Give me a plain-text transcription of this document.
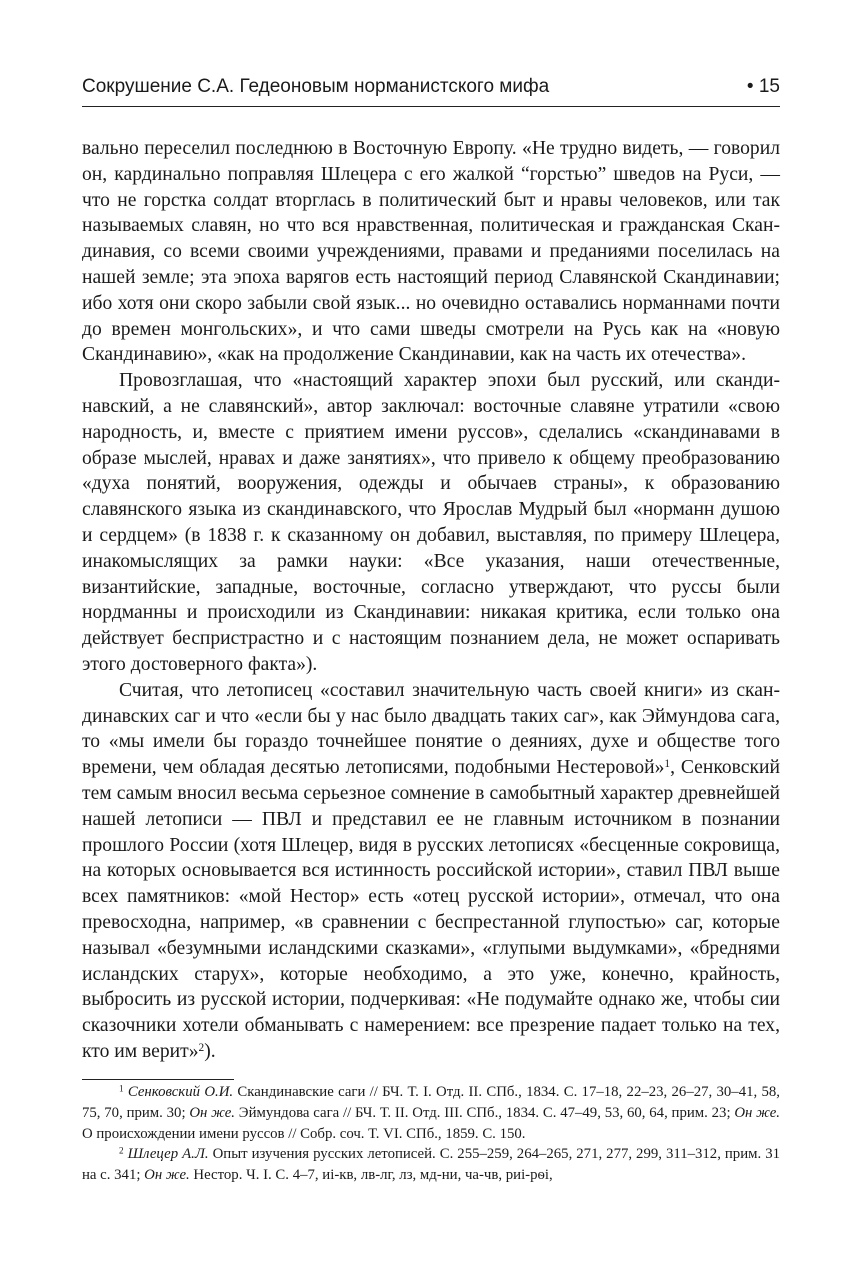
Сокрушение С.А. Гедеоновым норманистского мифа	• 15

вально переселил последнюю в Восточную Европу. «Не трудно видеть, — говорил он, кардинально поправляя Шлецера с его жалкой “горстью” шведов на Руси, — что не горстка солдат вторглась в политический быт и нравы человеков, или так называемых славян, но что вся нравственная, политическая и гражданская Скандинавия, со всеми своими учреждениями, правами и преданиями поселилась на нашей земле; эта эпоха варягов есть настоящий период Славянской Скандинавии; ибо хотя они скоро забыли свой язык... но очевидно оставались норманнами почти до времен монгольских», и что сами шведы смотрели на Русь как на «новую Скандинавию», «как на продолжение Скандинавии, как на часть их отечества».

Провозглашая, что «настоящий характер эпохи был русский, или скандинавский, а не славянский», автор заключал: восточные славяне утратили «свою народность, и, вместе с приятием имени руссов», сделались «скандинавами в образе мыслей, нравах и даже занятиях», что привело к общему преобразованию «духа понятий, вооружения, одежды и обычаев страны», к образованию славянского языка из скандинавского, что Ярослав Мудрый был «норманн душою и сердцем» (в 1838 г. к сказанному он добавил, выставляя, по примеру Шлецера, инакомыслящих за рамки науки: «Все указания, наши отечественные, византийские, западные, восточные, согласно утверждают, что руссы были нордманны и происходили из Скандинавии: никакая критика, если только она действует беспристрастно и с настоящим познанием дела, не может оспаривать этого достоверного факта»).

Считая, что летописец «составил значительную часть своей книги» из скандинавских саг и что «если бы у нас было двадцать таких саг», как Эймундова сага, то «мы имели бы гораздо точнейшее понятие о деяниях, духе и обществе того времени, чем обладая десятью летописями, подобными Нестеровой»$^1$, Сенковский тем самым вносил весьма серьезное сомнение в самобытный характер древнейшей нашей летописи — ПВЛ и представил ее не главным источником в познании прошлого России (хотя Шлецер, видя в русских летописях «бесценные сокровища, на которых основывается вся истинность российской истории», ставил ПВЛ выше всех памятников: «мой Нестор» есть «отец русской истории», отмечал, что она превосходна, например, «в сравнении с беспрестанной глупостью» саг, которые называл «безумными исландскими сказками», «глупыми выдумками», «бреднями исландских старух», которые необходимо, а это уже, конечно, крайность, выбросить из русской истории, подчеркивая: «Не подумайте однако же, чтобы сии сказочники хотели обманывать с намерением: все презрение падает только на тех, кто им верит»$^2$).

$^1$ Сенковский О.И. Скандинавские саги // БЧ. Т. I. Отд. II. СПб., 1834. С. 17–18, 22–23, 26–27, 30–41, 58, 75, 70, прим. 30; Он же. Эймундова сага // БЧ. Т. II. Отд. III. СПб., 1834. С. 47–49, 53, 60, 64, прим. 23; Он же. О происхождении имени руссов // Собр. соч. Т. VI. СПб., 1859. С. 150.

$^2$ Шлецер А.Л. Опыт изучения русских летописей. С. 255–259, 264–265, 271, 277, 299, 311–312, прим. 31 на с. 341; Он же. Нестор. Ч. I. С. 4–7, иі-кв, лв-лг, лз, мд-ни, ча-чв, риі-рѳі,
